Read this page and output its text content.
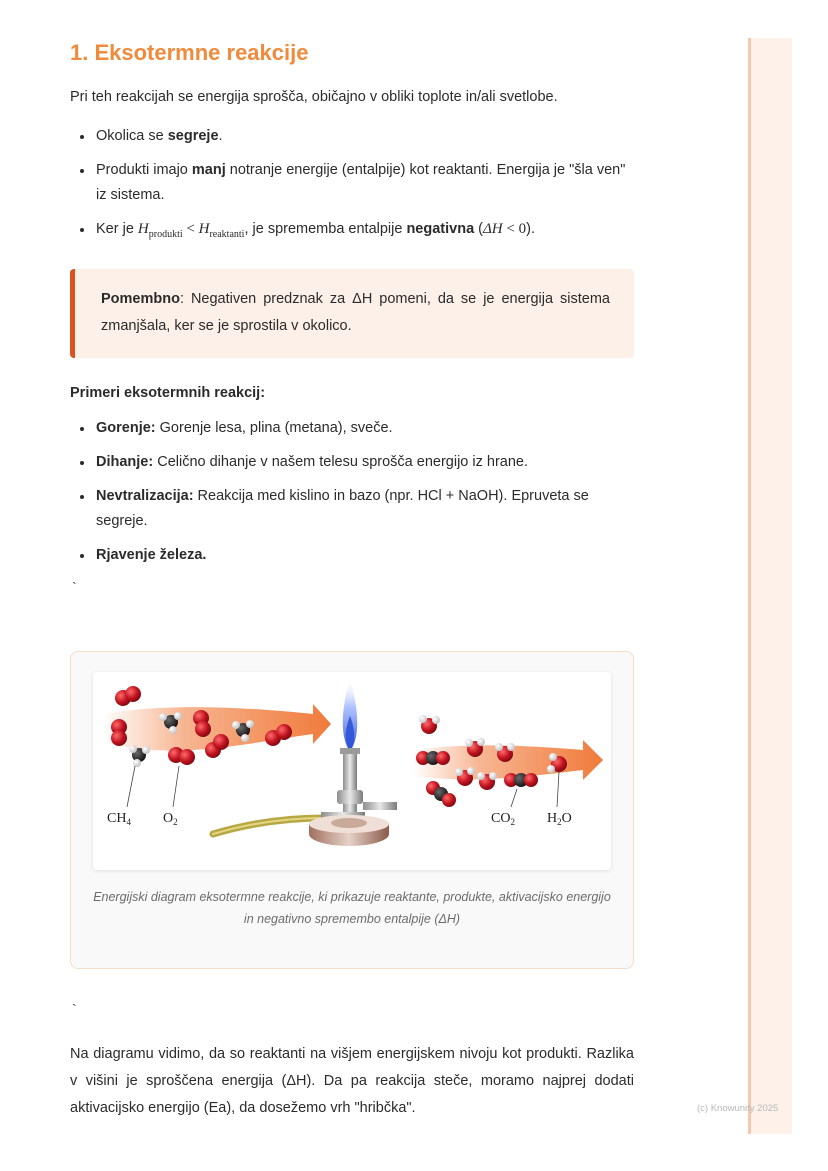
(c) Knowunity 2025
1. Eksotermne reakcije

Pri teh reakcijah se energija sprošča, običajno v obliki toplote in/ali svetlobe.

Okolica se segreje.
Produkti imajo manj notranje energije (entalpije) kot reaktanti. Energija je "šla ven" iz sistema.
Ker je $H_{produkti} < H_{reaktanti}$, je sprememba entalpije negativna (ΔH < 0).
Pomembno: Negativen predznak za ΔH pomeni, da se je energija sistema zmanjšala, ker se je sprostila v okolico.
Primeri eksotermnih reakcij:
Gorenje: Gorenje lesa, plina (metana), sveče.
Dihanje: Celično dihanje v našem telesu sprošča energijo iz hrane.
Nevtralizacija: Reakcija med kislino in bazo (npr. HCl + NaOH). Epruveta se segreje.
Rjavenje železa.
`
$CH_4$ $O_2$	$CO_2$ $H_2O$
Energijski diagram eksotermne reakcije, ki prikazuje reaktante, produkte, aktivacijsko energijo in negativno spremembo entalpije (ΔH)
`

Na diagramu vidimo, da so reaktanti na višjem energijskem nivoju kot produkti. Razlika v višini je sproščena energija (ΔH). Da pa reakcija steče, moramo najprej dodati aktivacijsko energijo (Ea), da dosežemo vrh "hribčka".
